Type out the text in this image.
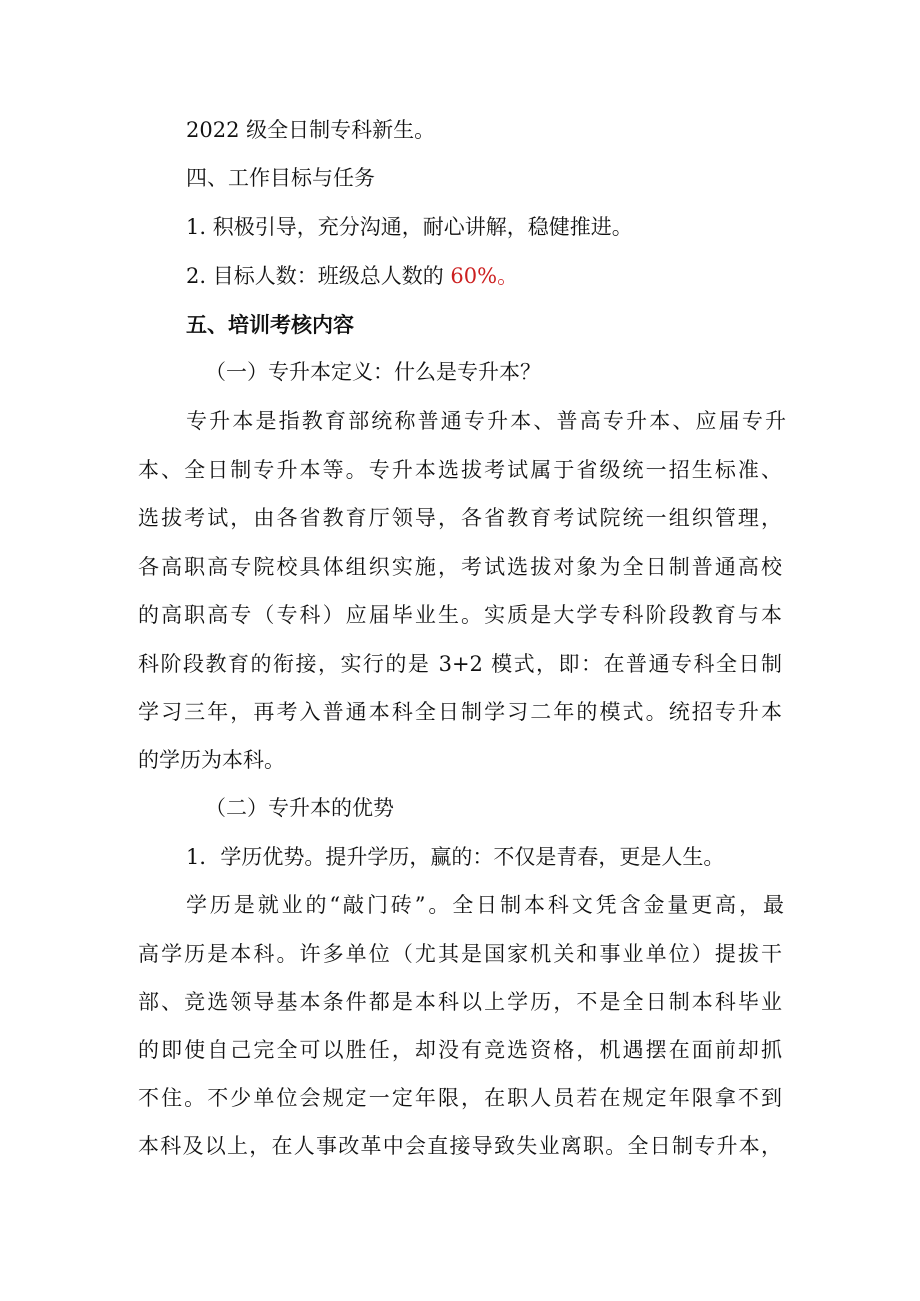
2022 级全日制专科新生。
四、工作目标与任务
1. 积极引导，充分沟通，耐心讲解，稳健推进。
2. 目标人数：班级总人数的 60%。
五、培训考核内容
（一）专升本定义：什么是专升本？
专升本是指教育部统称普通专升本、普高专升本、应届专升
本、全日制专升本等。专升本选拔考试属于省级统一招生标准、
选拔考试，由各省教育厅领导，各省教育考试院统一组织管理，
各高职高专院校具体组织实施，考试选拔对象为全日制普通高校
的高职高专（专科）应届毕业生。实质是大学专科阶段教育与本
科阶段教育的衔接，实行的是 3+2 模式，即：在普通专科全日制
学习三年，再考入普通本科全日制学习二年的模式。统招专升本
的学历为本科。
（二）专升本的优势
1．学历优势。提升学历，赢的：不仅是青春，更是人生。
学历是就业的“敲门砖”。全日制本科文凭含金量更高，最
高学历是本科。许多单位（尤其是国家机关和事业单位）提拔干
部、竞选领导基本条件都是本科以上学历，不是全日制本科毕业
的即使自己完全可以胜任，却没有竞选资格，机遇摆在面前却抓
不住。不少单位会规定一定年限，在职人员若在规定年限拿不到
本科及以上，在人事改革中会直接导致失业离职。全日制专升本，
